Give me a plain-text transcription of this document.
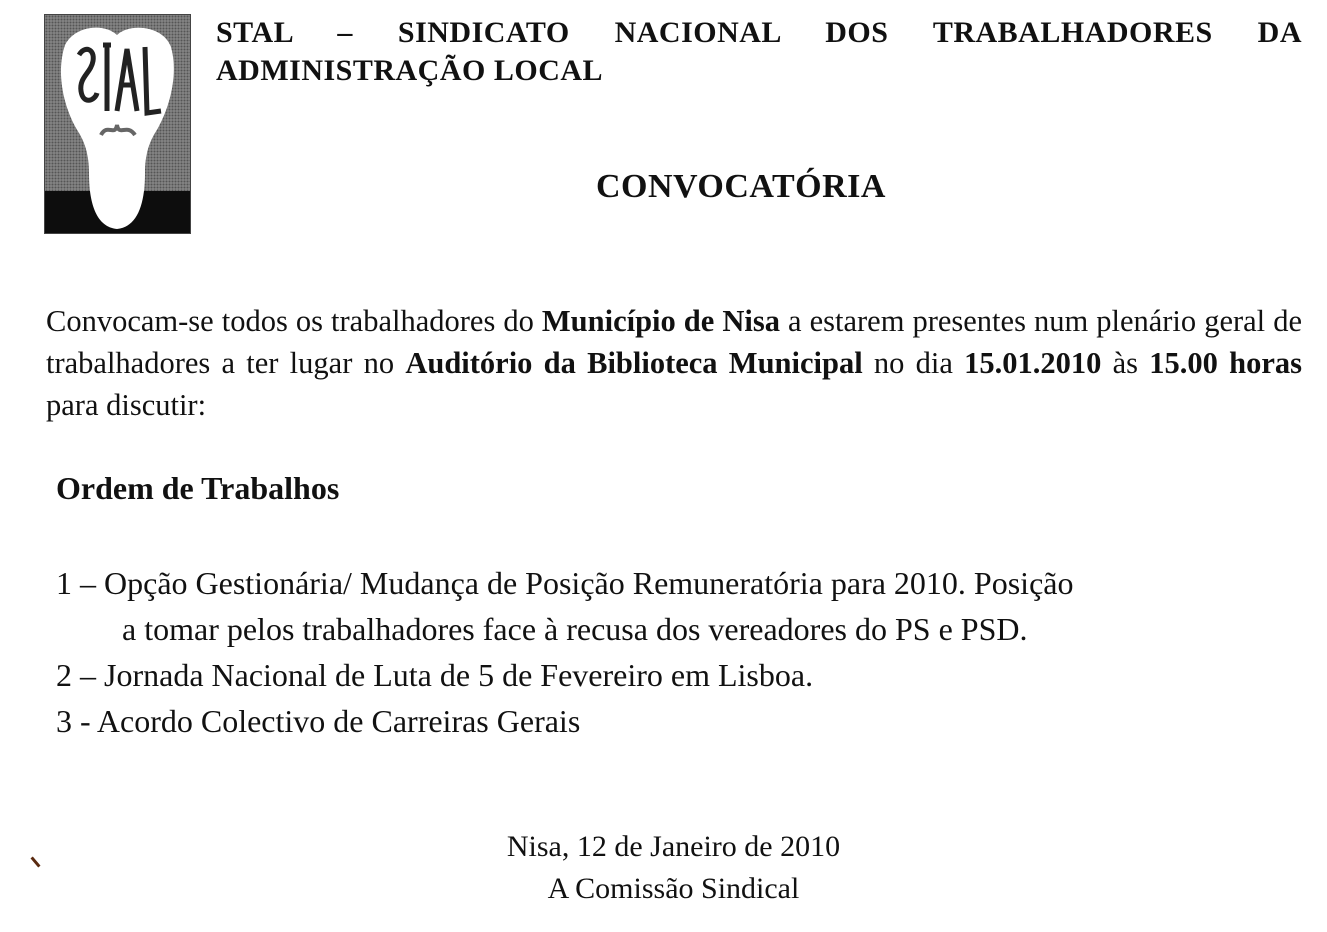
STAL – SINDICATO NACIONAL DOS TRABALHADORES DA ADMINISTRAÇÃO LOCAL
CONVOCATÓRIA
Convocam-se todos os trabalhadores do Município de Nisa a estarem presentes num plenário geral de trabalhadores a ter lugar no Auditório da Biblioteca Municipal no dia 15.01.2010 às 15.00 horas para discutir:
Ordem de Trabalhos
1 – Opção Gestionária/ Mudança de Posição Remuneratória para 2010. Posição
a tomar pelos trabalhadores face à recusa dos vereadores do PS e PSD.
2 – Jornada Nacional de Luta de 5 de Fevereiro em Lisboa.
3 - Acordo Colectivo de Carreiras Gerais
Nisa, 12 de Janeiro de 2010
A Comissão Sindical
